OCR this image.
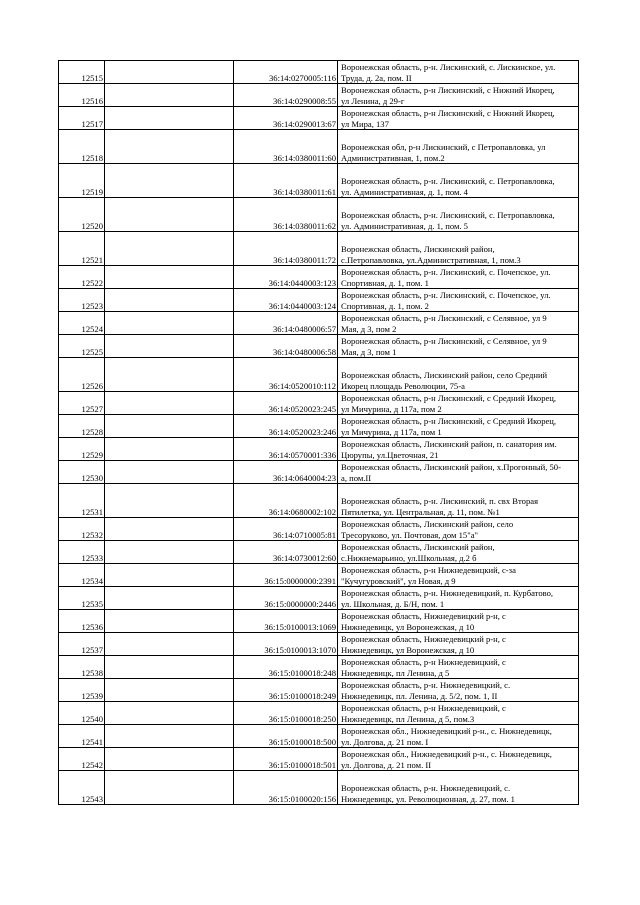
12515		36:14:0270005:116	Воронежская область, р-н. Лискинский, с. Лискинское, ул.
Труда, д. 2а, пом. II

12516		36:14:0290008:55	Воронежская область, р-н Лискинский, с Нижний Икорец,
ул Ленина, д 29-г

12517		36:14:0290013:67	Воронежская область, р-н Лискинский, с Нижний Икорец,
ул Мира, 137

12518		36:14:0380011:60	Воронежская обл, р-н Лискинский, с Петропавловка, ул
Административная, 1, пом.2

12519		36:14:0380011:61	Воронежская область, р-н. Лискинский, с. Петропавловка,
ул. Административная, д. 1, пом. 4

12520		36:14:0380011:62	Воронежская область, р-н. Лискинский, с. Петропавловка,
ул. Административная, д. 1, пом. 5

12521		36:14:0380011:72	Воронежская область, Лискинский район,
с.Петропавловка, ул.Административная, 1, пом.3

12522		36:14:0440003:123	Воронежская область, р-н. Лискинский, с. Почепское, ул.
Спортивная, д. 1, пом. 1

12523		36:14:0440003:124	Воронежская область, р-н. Лискинский, с. Почепское, ул.
Спортивная, д. 1, пом. 2

12524		36:14:0480006:57	Воронежская область, р-н Лискинский, с Селявное, ул 9
Мая, д 3, пом 2

12525		36:14:0480006:58	Воронежская область, р-н Лискинский, с Селявное, ул 9
Мая, д 3, пом 1

12526		36:14:0520010:112	Воронежская область, Лискинский район, село Средний
Икорец площадь Революции, 75-а

12527		36:14:0520023:245	Воронежская область, р-н Лискинский, с Средний Икорец,
ул Мичурина, д 117а, пом 2

12528		36:14:0520023:246	Воронежская область, р-н Лискинский, с Средний Икорец,
ул Мичурина, д 117а, пом 1

12529		36:14:0570001:336	Воронежская область, Лискинский район, п. санатория им.
Цюрупы, ул.Цветочная, 21

12530		36:14:0640004:23	Воронежская область, Лискинский район, х.Прогонный, 50-
а, пом.II

12531		36:14:0680002:102	Воронежская область, р-н. Лискинский, п. свх Вторая
Пятилетка, ул. Центральная, д. 11, пом. №1

12532		36:14:0710005:81	Воронежская область, Лискинский район, село
Тресоруково, ул. Почтовая, дом 15"а"

12533		36:14:0730012:60	Воронежская область, Лискинский район,
с.Нижнемарьино, ул.Школьная, д.2 б

12534		36:15:0000000:2391	Воронежская область, р-н Нижнедевицкий, с-за
"Кучугуровский", ул Новая, д 9

12535		36:15:0000000:2446	Воронежская область, р-н. Нижнедевицкий, п. Курбатово,
ул. Школьная, д. Б/Н, пом. 1

12536		36:15:0100013:1069	Воронежская область, Нижнедевицкий р-н, с
Нижнедевицк, ул Воронежская, д 10

12537		36:15:0100013:1070	Воронежская область, Нижнедевицкий р-н, с
Нижнедевицк, ул Воронежская, д 10

12538		36:15:0100018:248	Воронежская область, р-н Нижнедевицкий, с
Нижнедевицк, пл Ленина, д 5

12539		36:15:0100018:249	Воронежская область, р-н. Нижнедевицкий, с.
Нижнедевицк, пл. Ленина, д. 5/2, пом. 1, II

12540		36:15:0100018:250	Воронежская область, р-н Нижнедевицкий, с
Нижнедевицк, пл Ленина, д 5, пом.3

12541		36:15:0100018:500	Воронежская обл., Нижнедевицкий р-н., с. Нижнедевицк,
ул. Долгова, д. 21 пом. I

12542		36:15:0100018:501	Воронежская обл., Нижнедевицкий р-н., с. Нижнедевицк,
ул. Долгова, д. 21 пом. II

12543		36:15:0100020:156	Воронежская область, р-н. Нижнедевицкий, с.
Нижнедевицк, ул. Революционная, д. 27, пом. 1
